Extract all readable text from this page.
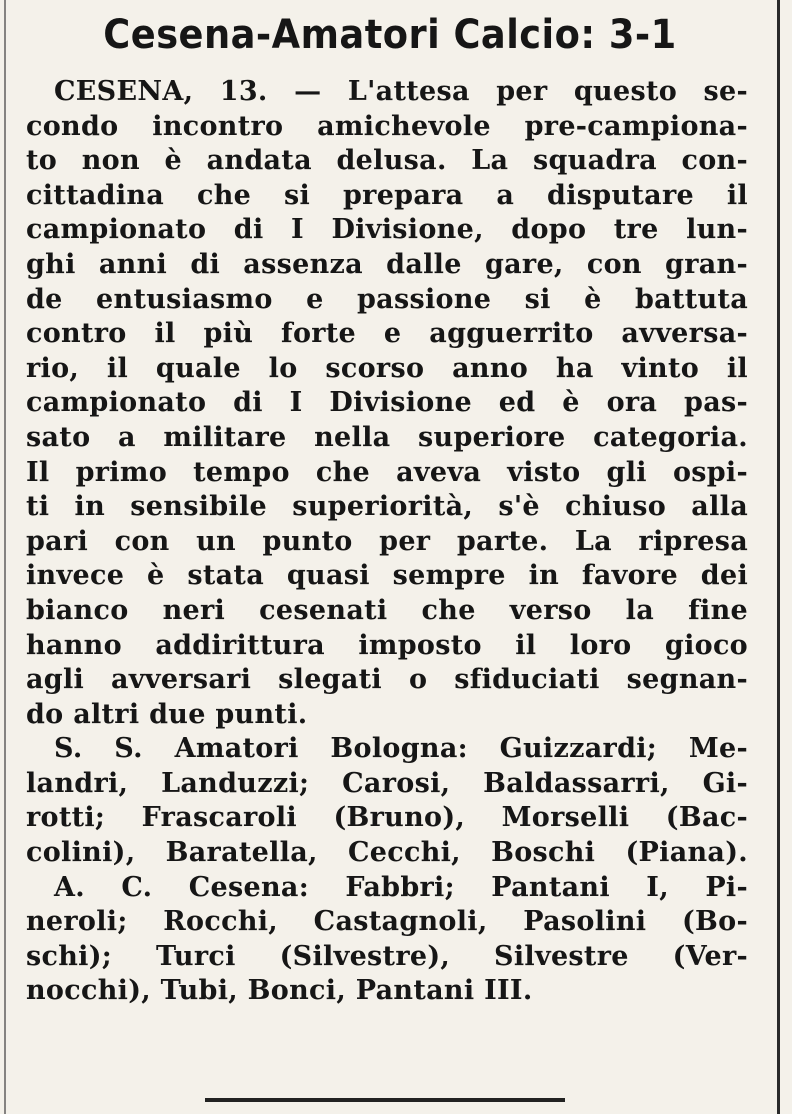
Cesena-Amatori Calcio: 3-1
CESENA, 13. — L'attesa per questo se-
condo incontro amichevole pre-campiona-
to non è andata delusa. La squadra con-
cittadina che si prepara a disputare il
campionato di I Divisione, dopo tre lun-
ghi anni di assenza dalle gare, con gran-
de entusiasmo e passione si è battuta
contro il più forte e agguerrito avversa-
rio, il quale lo scorso anno ha vinto il
campionato di I Divisione ed è ora pas-
sato a militare nella superiore categoria.
Il primo tempo che aveva visto gli ospi-
ti in sensibile superiorità, s'è chiuso alla
pari con un punto per parte. La ripresa
invece è stata quasi sempre in favore dei
bianco neri cesenati che verso la fine
hanno addirittura imposto il loro gioco
agli avversari slegati o sfiduciati segnan-
do altri due punti.
S. S. Amatori Bologna: Guizzardi; Me-
landri, Landuzzi; Carosi, Baldassarri, Gi-
rotti; Frascaroli (Bruno), Morselli (Bac-
colini), Baratella, Cecchi, Boschi (Piana).
A. C. Cesena: Fabbri; Pantani I, Pi-
neroli; Rocchi, Castagnoli, Pasolini (Bo-
schi); Turci (Silvestre), Silvestre (Ver-
nocchi), Tubi, Bonci, Pantani III.
